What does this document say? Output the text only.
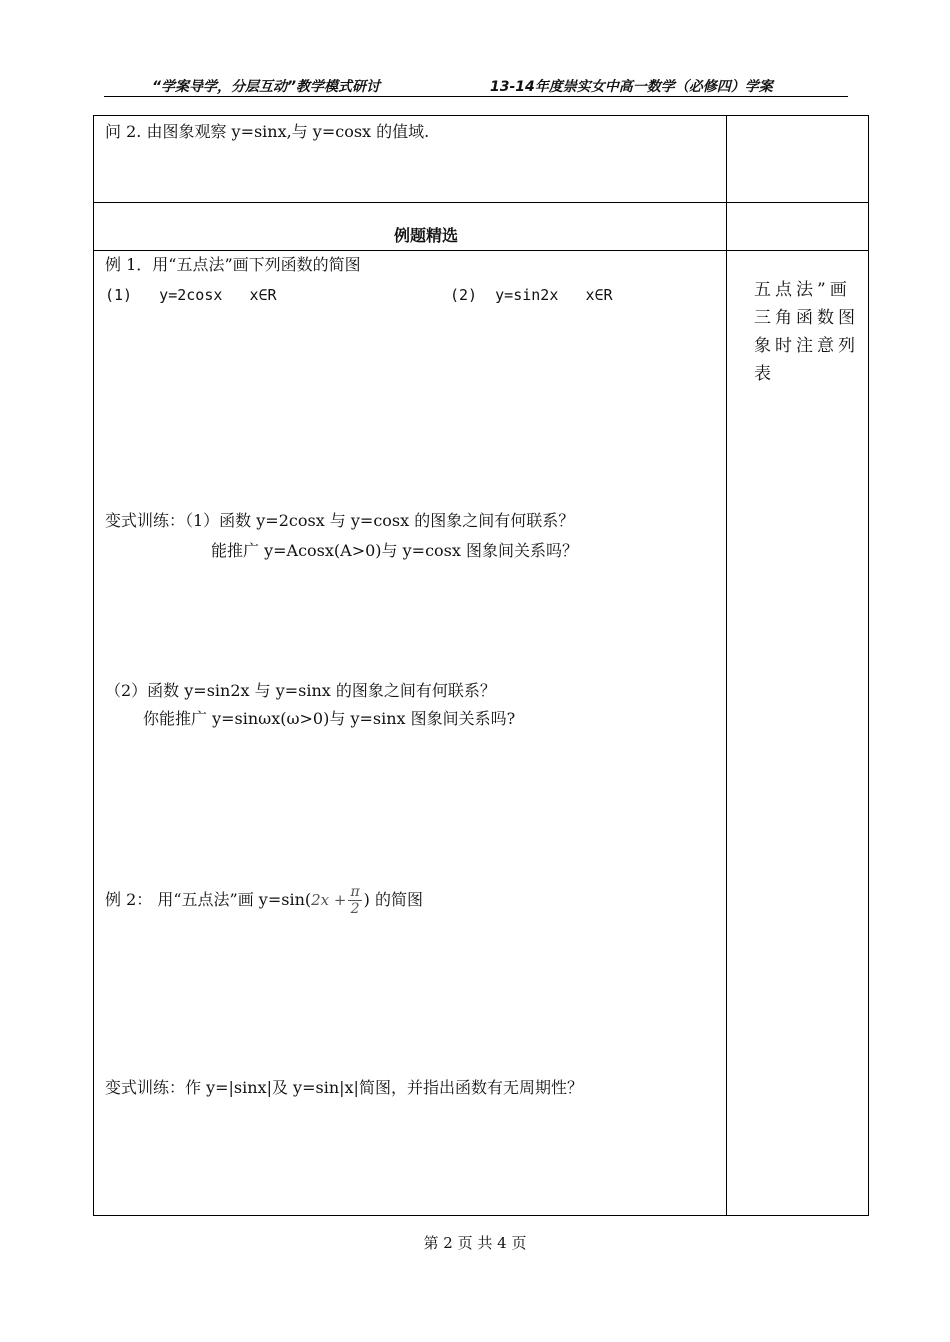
“学案导学，分层互动”教学模式研讨	13-14年度崇实女中高一数学（必修四）学案
问 2. 由图象观察 y=sinx,与 y=cosx 的值域.
例题精选
例 1．用“五点法”画下列函数的简图
(1)   y=2cosx   x∈R	(2)  y=sin2x   x∈R	五点法”画三角函数图象时注意列表
变式训练：（1）函数 y=2cosx 与 y=cosx 的图象之间有何联系？
能推广 y=Acosx(A>0)与 y=cosx 图象间关系吗？
（2）函数 y=sin2x 与 y=sinx 的图象之间有何联系？
你能推广 y=sinωx(ω>0)与 y=sinx 图象间关系吗?
例 2： 用“五点法”画 $y=\sin(2x + \frac{\pi}{2}$ ) 的简图
变式训练：作 y=|sinx|及 y=sin|x|简图，并指出函数有无周期性？
第 2 页 共 4 页
